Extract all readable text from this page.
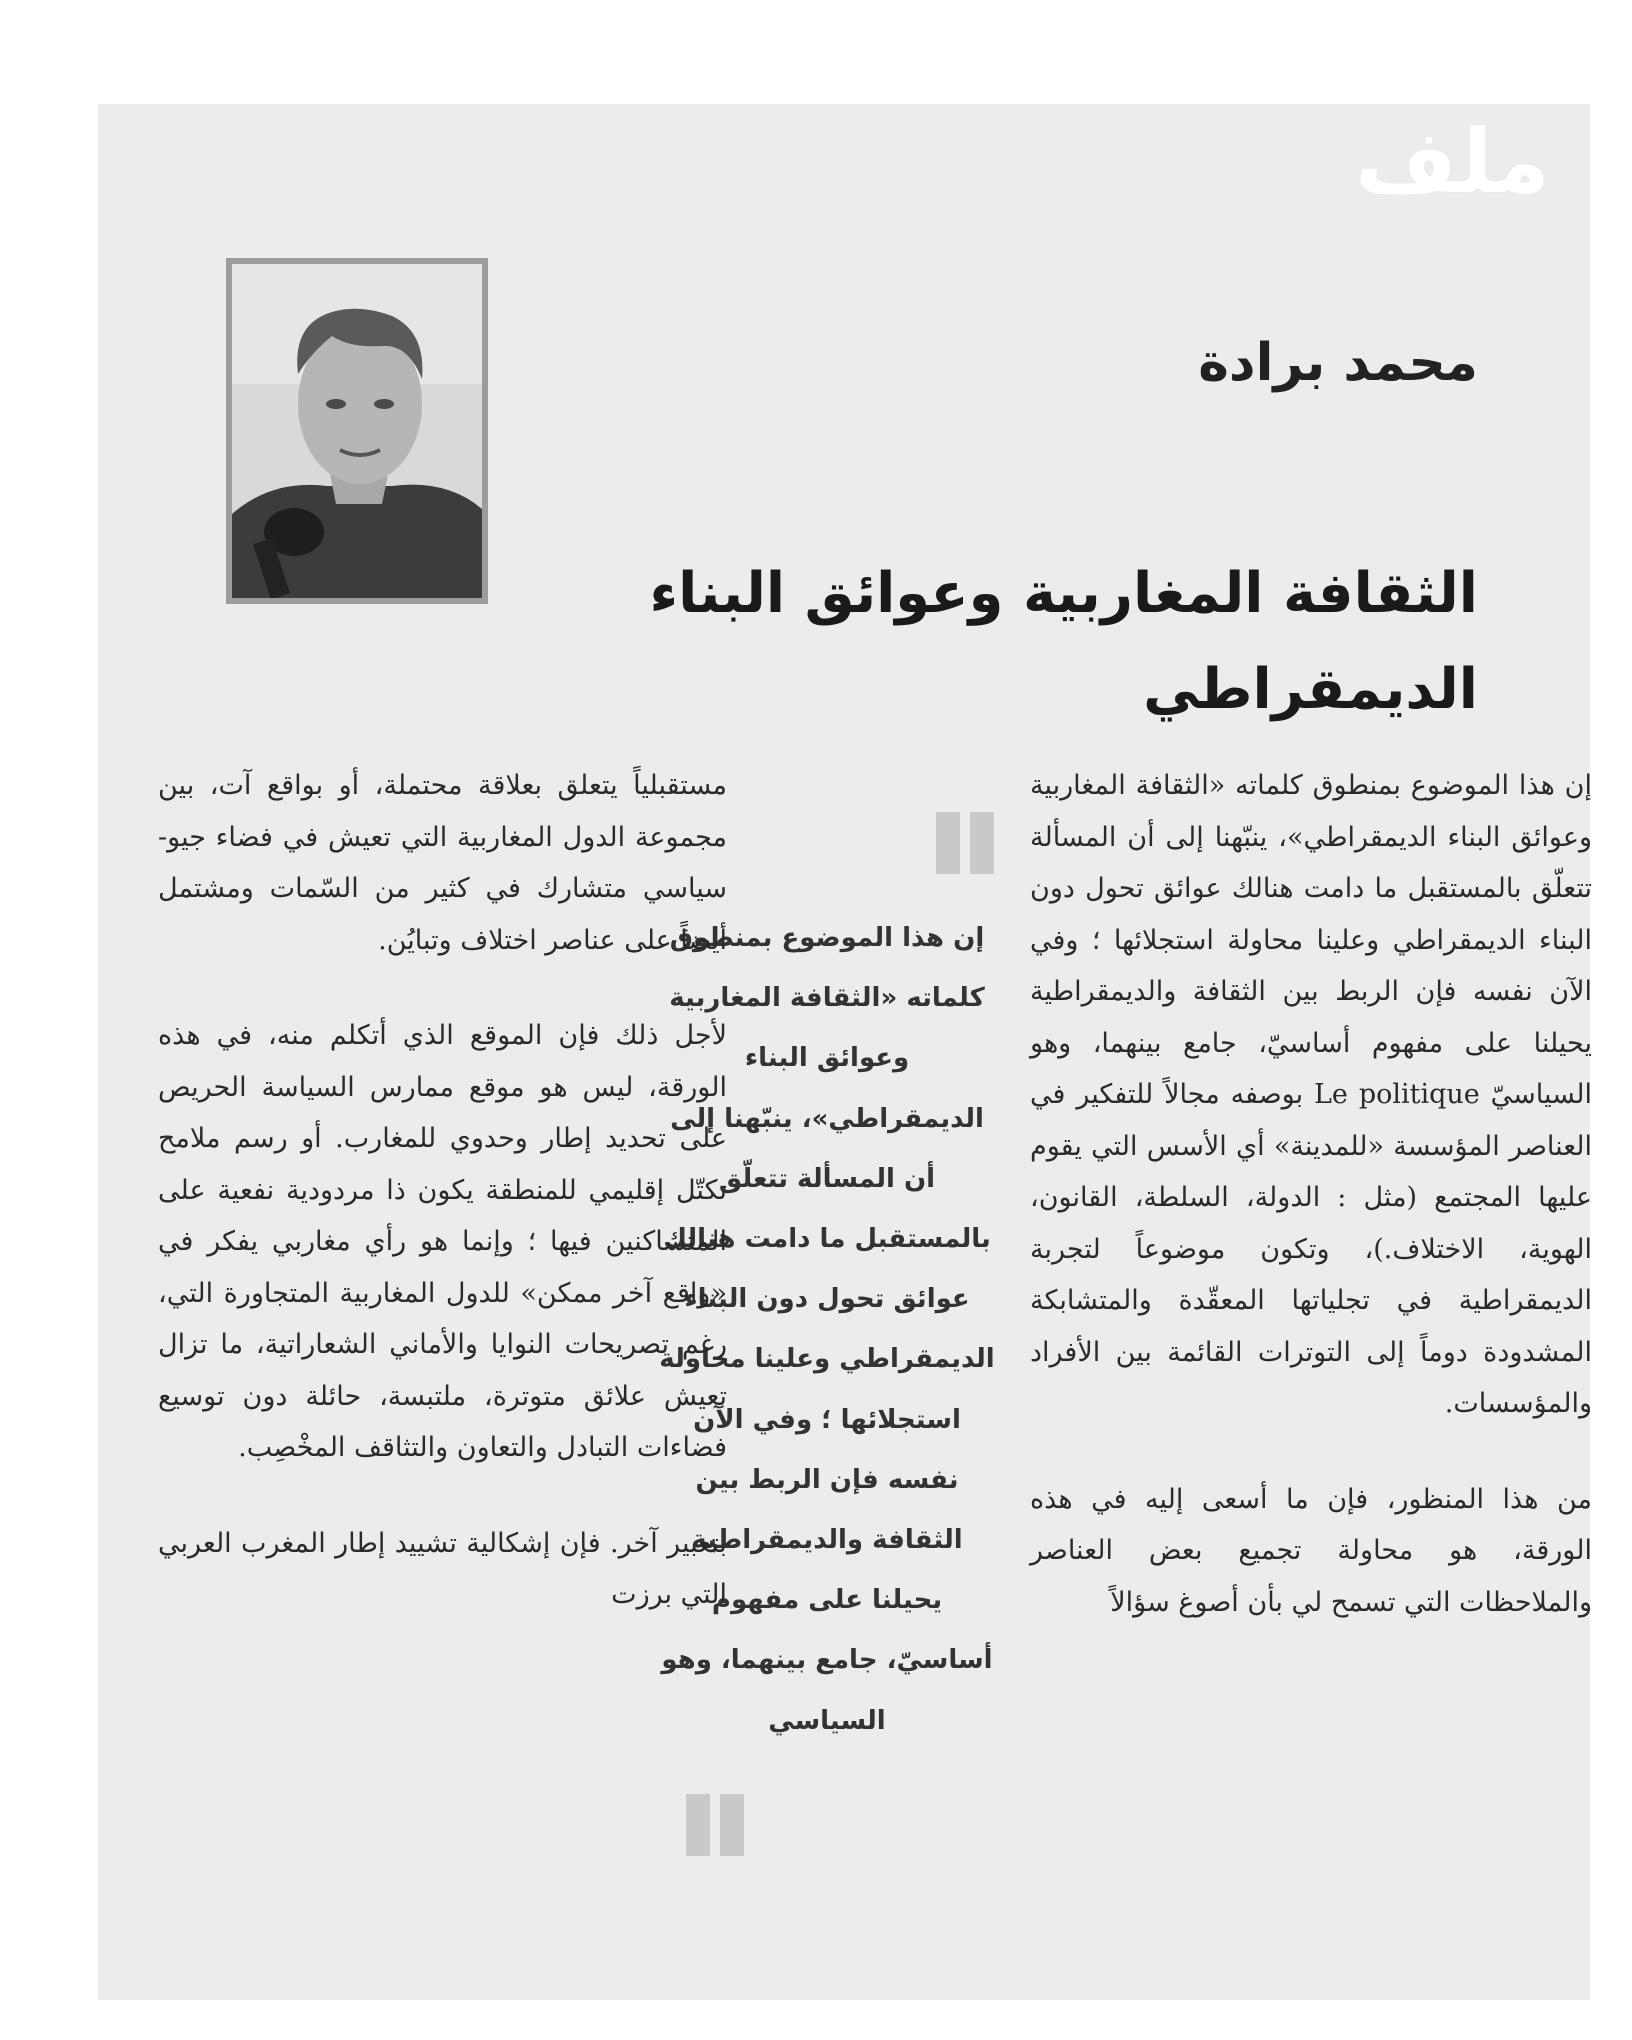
ملف
محمد برادة
الثقافة المغاربية وعوائق البناء
الديمقراطي

إن هذا الموضوع بمنطوق كلماته «الثقافة المغاربية وعوائق البناء الديمقراطي»، ينبّهنا إلى أن المسألة تتعلّق بالمستقبل ما دامت هنالك عوائق تحول دون البناء الديمقراطي وعلينا محاولة استجلائها ؛ وفي الآن نفسه فإن الربط بين الثقافة والديمقراطية يحيلنا على مفهوم أساسيّ، جامع بينهما، وهو السياسيّ Le politique بوصفه مجالاً للتفكير في العناصر المؤسسة «للمدينة» أي الأسس التي يقوم عليها المجتمع (مثل : الدولة، السلطة، القانون، الهوية، الاختلاف.)، وتكون موضوعاً لتجربة الديمقراطية في تجلياتها المعقّدة والمتشابكة المشدودة دوماً إلى التوترات القائمة بين الأفراد والمؤسسات.

من هذا المنظور، فإن ما أسعى إليه في هذه الورقة، هو محاولة تجميع بعض العناصر والملاحظات التي تسمح لي بأن أصوغ سؤالاً

إن هذا الموضوع بمنطوق كلماته «الثقافة المغاربية وعوائق البناء الديمقراطي»، ينبّهنا إلى أن المسألة تتعلّق بالمستقبل ما دامت هنالك عوائق تحول دون البناء الديمقراطي وعلينا محاولة استجلائها ؛ وفي الآن نفسه فإن الربط بين الثقافة والديمقراطية يحيلنا على مفهوم أساسيّ، جامع بينهما، وهو السياسي

مستقبلياً يتعلق بعلاقة محتملة، أو بواقع آت، بين مجموعة الدول المغاربية التي تعيش في فضاء جيو-سياسي متشارك في كثير من السّمات ومشتمل أيضاً على عناصر اختلاف وتبايُن.

لأجل ذلك فإن الموقع الذي أتكلم منه، في هذه الورقة، ليس هو موقع ممارس السياسة الحريص على تحديد إطار وحدوي للمغارب. أو رسم ملامح تكتّل إقليمي للمنطقة يكون ذا مردودية نفعية على المتساكنين فيها ؛ وإنما هو رأي مغاربي يفكر في «واقع آخر ممكن» للدول المغاربية المتجاورة التي، رغم تصريحات النوايا والأماني الشعاراتية، ما تزال تعيش علائق متوترة، ملتبسة، حائلة دون توسيع فضاءات التبادل والتعاون والتثاقف المخْصِب.

بتعبير آخر. فإن إشكالية تشييد إطار المغرب العربي التي برزت
